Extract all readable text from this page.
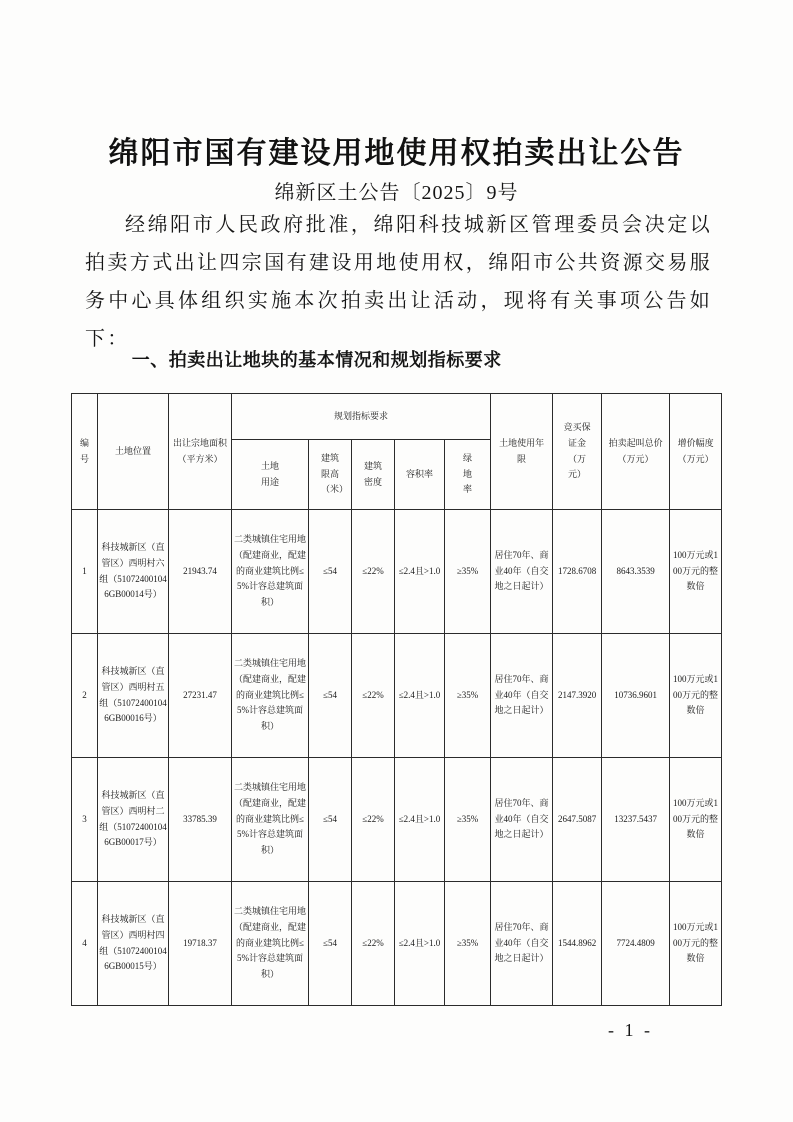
绵阳市国有建设用地使用权拍卖出让公告
绵新区土公告〔2025〕9号

经绵阳市人民政府批准，绵阳科技城新区管理委员会决定以拍卖方式出让四宗国有建设用地使用权，绵阳市公共资源交易服务中心具体组织实施本次拍卖出让活动，现将有关事项公告如下：

一、拍卖出让地块的基本情况和规划指标要求
编号	土地位置	出让宗地面积（平方米）	规划指标要求					土地使用年限	竞买保证金（万元）	拍卖起叫总价（万元）	增价幅度（万元）
			土地用途	建筑限高（米）	建筑密度	容积率	绿地率				
1	科技城新区（直管区）西明村六组（510724001046GB00014号）	21943.74	二类城镇住宅用地（配建商业，配建的商业建筑比例≤5%计容总建筑面积）	≤54	≤22%	≤2.4且>1.0	≥35%	居住70年、商业40年（自交地之日起计）	1728.6708	8643.3539	100万元或100万元的整数倍
2	科技城新区（直管区）西明村五组（510724001046GB00016号）	27231.47	二类城镇住宅用地（配建商业，配建的商业建筑比例≤5%计容总建筑面积）	≤54	≤22%	≤2.4且>1.0	≥35%	居住70年、商业40年（自交地之日起计）	2147.3920	10736.9601	100万元或100万元的整数倍
3	科技城新区（直管区）西明村二组（510724001046GB00017号）	33785.39	二类城镇住宅用地（配建商业，配建的商业建筑比例≤5%计容总建筑面积）	≤54	≤22%	≤2.4且>1.0	≥35%	居住70年、商业40年（自交地之日起计）	2647.5087	13237.5437	100万元或100万元的整数倍
4	科技城新区（直管区）西明村四组（510724001046GB00015号）	19718.37	二类城镇住宅用地（配建商业，配建的商业建筑比例≤5%计容总建筑面积）	≤54	≤22%	≤2.4且>1.0	≥35%	居住70年、商业40年（自交地之日起计）	1544.8962	7724.4809	100万元或100万元的整数倍
- 1 -
